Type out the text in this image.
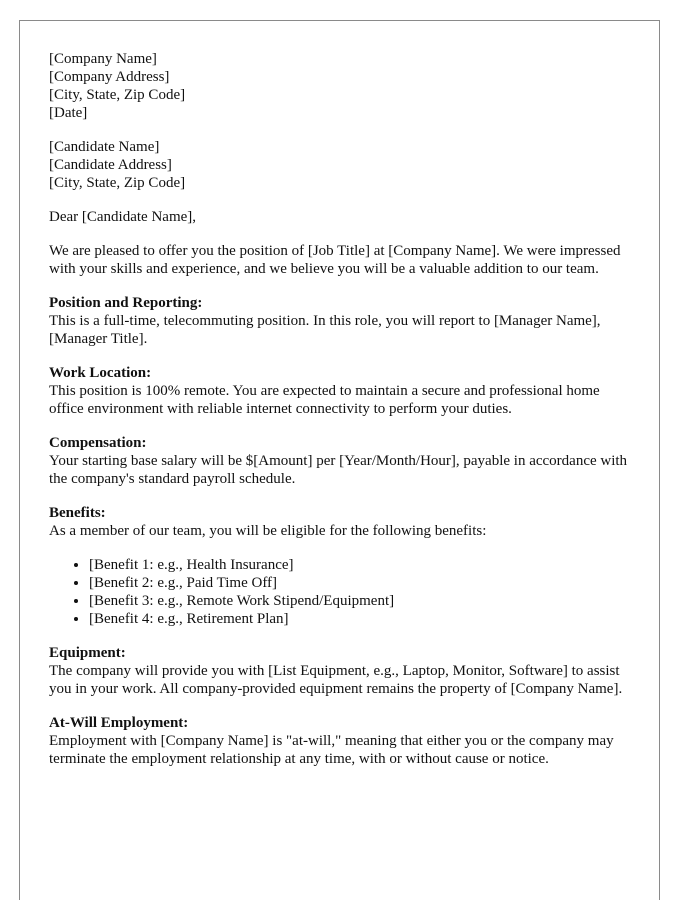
[Company Name]
[Company Address]
[City, State, Zip Code]
[Date]

[Candidate Name]
[Candidate Address]
[City, State, Zip Code]

Dear [Candidate Name],

We are pleased to offer you the position of [Job Title] at [Company Name]. We were impressed with your skills and experience, and we believe you will be a valuable addition to our team.

Position and Reporting:
This is a full-time, telecommuting position. In this role, you will report to [Manager Name], [Manager Title].

Work Location:
This position is 100% remote. You are expected to maintain a secure and professional home office environment with reliable internet connectivity to perform your duties.

Compensation:
Your starting base salary will be $[Amount] per [Year/Month/Hour], payable in accordance with the company's standard payroll schedule.

Benefits:
As a member of our team, you will be eligible for the following benefits:

• [Benefit 1: e.g., Health Insurance]
• [Benefit 2: e.g., Paid Time Off]
• [Benefit 3: e.g., Remote Work Stipend/Equipment]
• [Benefit 4: e.g., Retirement Plan]

Equipment:
The company will provide you with [List Equipment, e.g., Laptop, Monitor, Software] to assist you in your work. All company-provided equipment remains the property of [Company Name].

At-Will Employment:
Employment with [Company Name] is "at-will," meaning that either you or the company may terminate the employment relationship at any time, with or without cause or notice.
